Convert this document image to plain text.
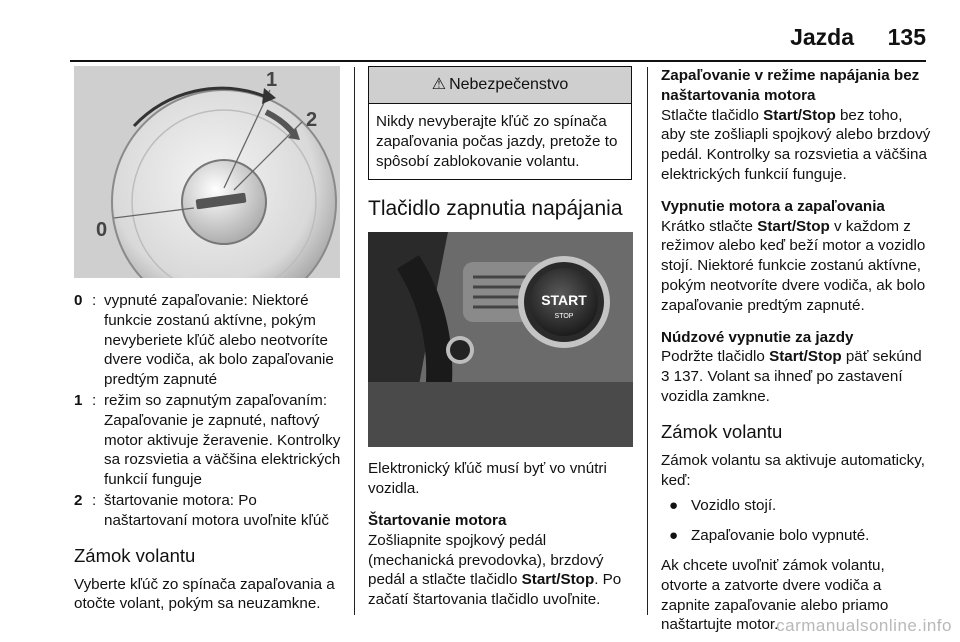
Jazda 135
1
2
0
0 : vypnuté zapaľovanie: Niektoré funkcie zostanú aktívne, pokým nevyberiete kľúč alebo neotvoríte dvere vodiča, ak bolo zapaľovanie predtým zapnuté
1 : režim so zapnutým zapaľovaním: Zapaľovanie je zapnuté, naftový motor aktivuje žeravenie. Kontrolky sa rozsvietia a väčšina elektrických funkcií funguje
2 : štartovanie motora: Po naštartovaní motora uvoľnite kľúč
Zámok volantu

Vyberte kľúč zo spínača zapaľovania a otočte volant, pokým sa neuzamkne.

⚠ Nebezpečenstvo
Nikdy nevyberajte kľúč zo spínača zapaľovania počas jazdy, pretože to spôsobí zablokovanie volantu.
Tlačidlo zapnutia napájania
START
STOP

Elektronický kľúč musí byť vo vnútri vozidla.

Štartovanie motora

Zošliapnite spojkový pedál (mechanická prevodovka), brzdový pedál a stlačte tlačidlo Start/Stop. Po začatí štartovania tlačidlo uvoľnite.

Zapaľovanie v režime napájania bez naštartovania motora

Stlačte tlačidlo Start/Stop bez toho, aby ste zošliapli spojkový alebo brzdový pedál. Kontrolky sa rozsvietia a väčšina elektrických funkcií funguje.

Vypnutie motora a zapaľovania

Krátko stlačte Start/Stop v každom z režimov alebo keď beží motor a vozidlo stojí. Niektoré funkcie zostanú aktívne, pokým neotvoríte dvere vodiča, ak bolo zapaľovanie predtým zapnuté.

Núdzové vypnutie za jazdy

Podržte tlačidlo Start/Stop päť sekúnd 3 137. Volant sa ihneď po zastavení vozidla zamkne.

Zámok volantu

Zámok volantu sa aktivuje automaticky, keď:

● Vozidlo stojí.
● Zapaľovanie bolo vypnuté.

Ak chcete uvoľniť zámok volantu, otvorte a zatvorte dvere vodiča a zapnite zapaľovanie alebo priamo naštartujte motor.

carmanualsonline.info
